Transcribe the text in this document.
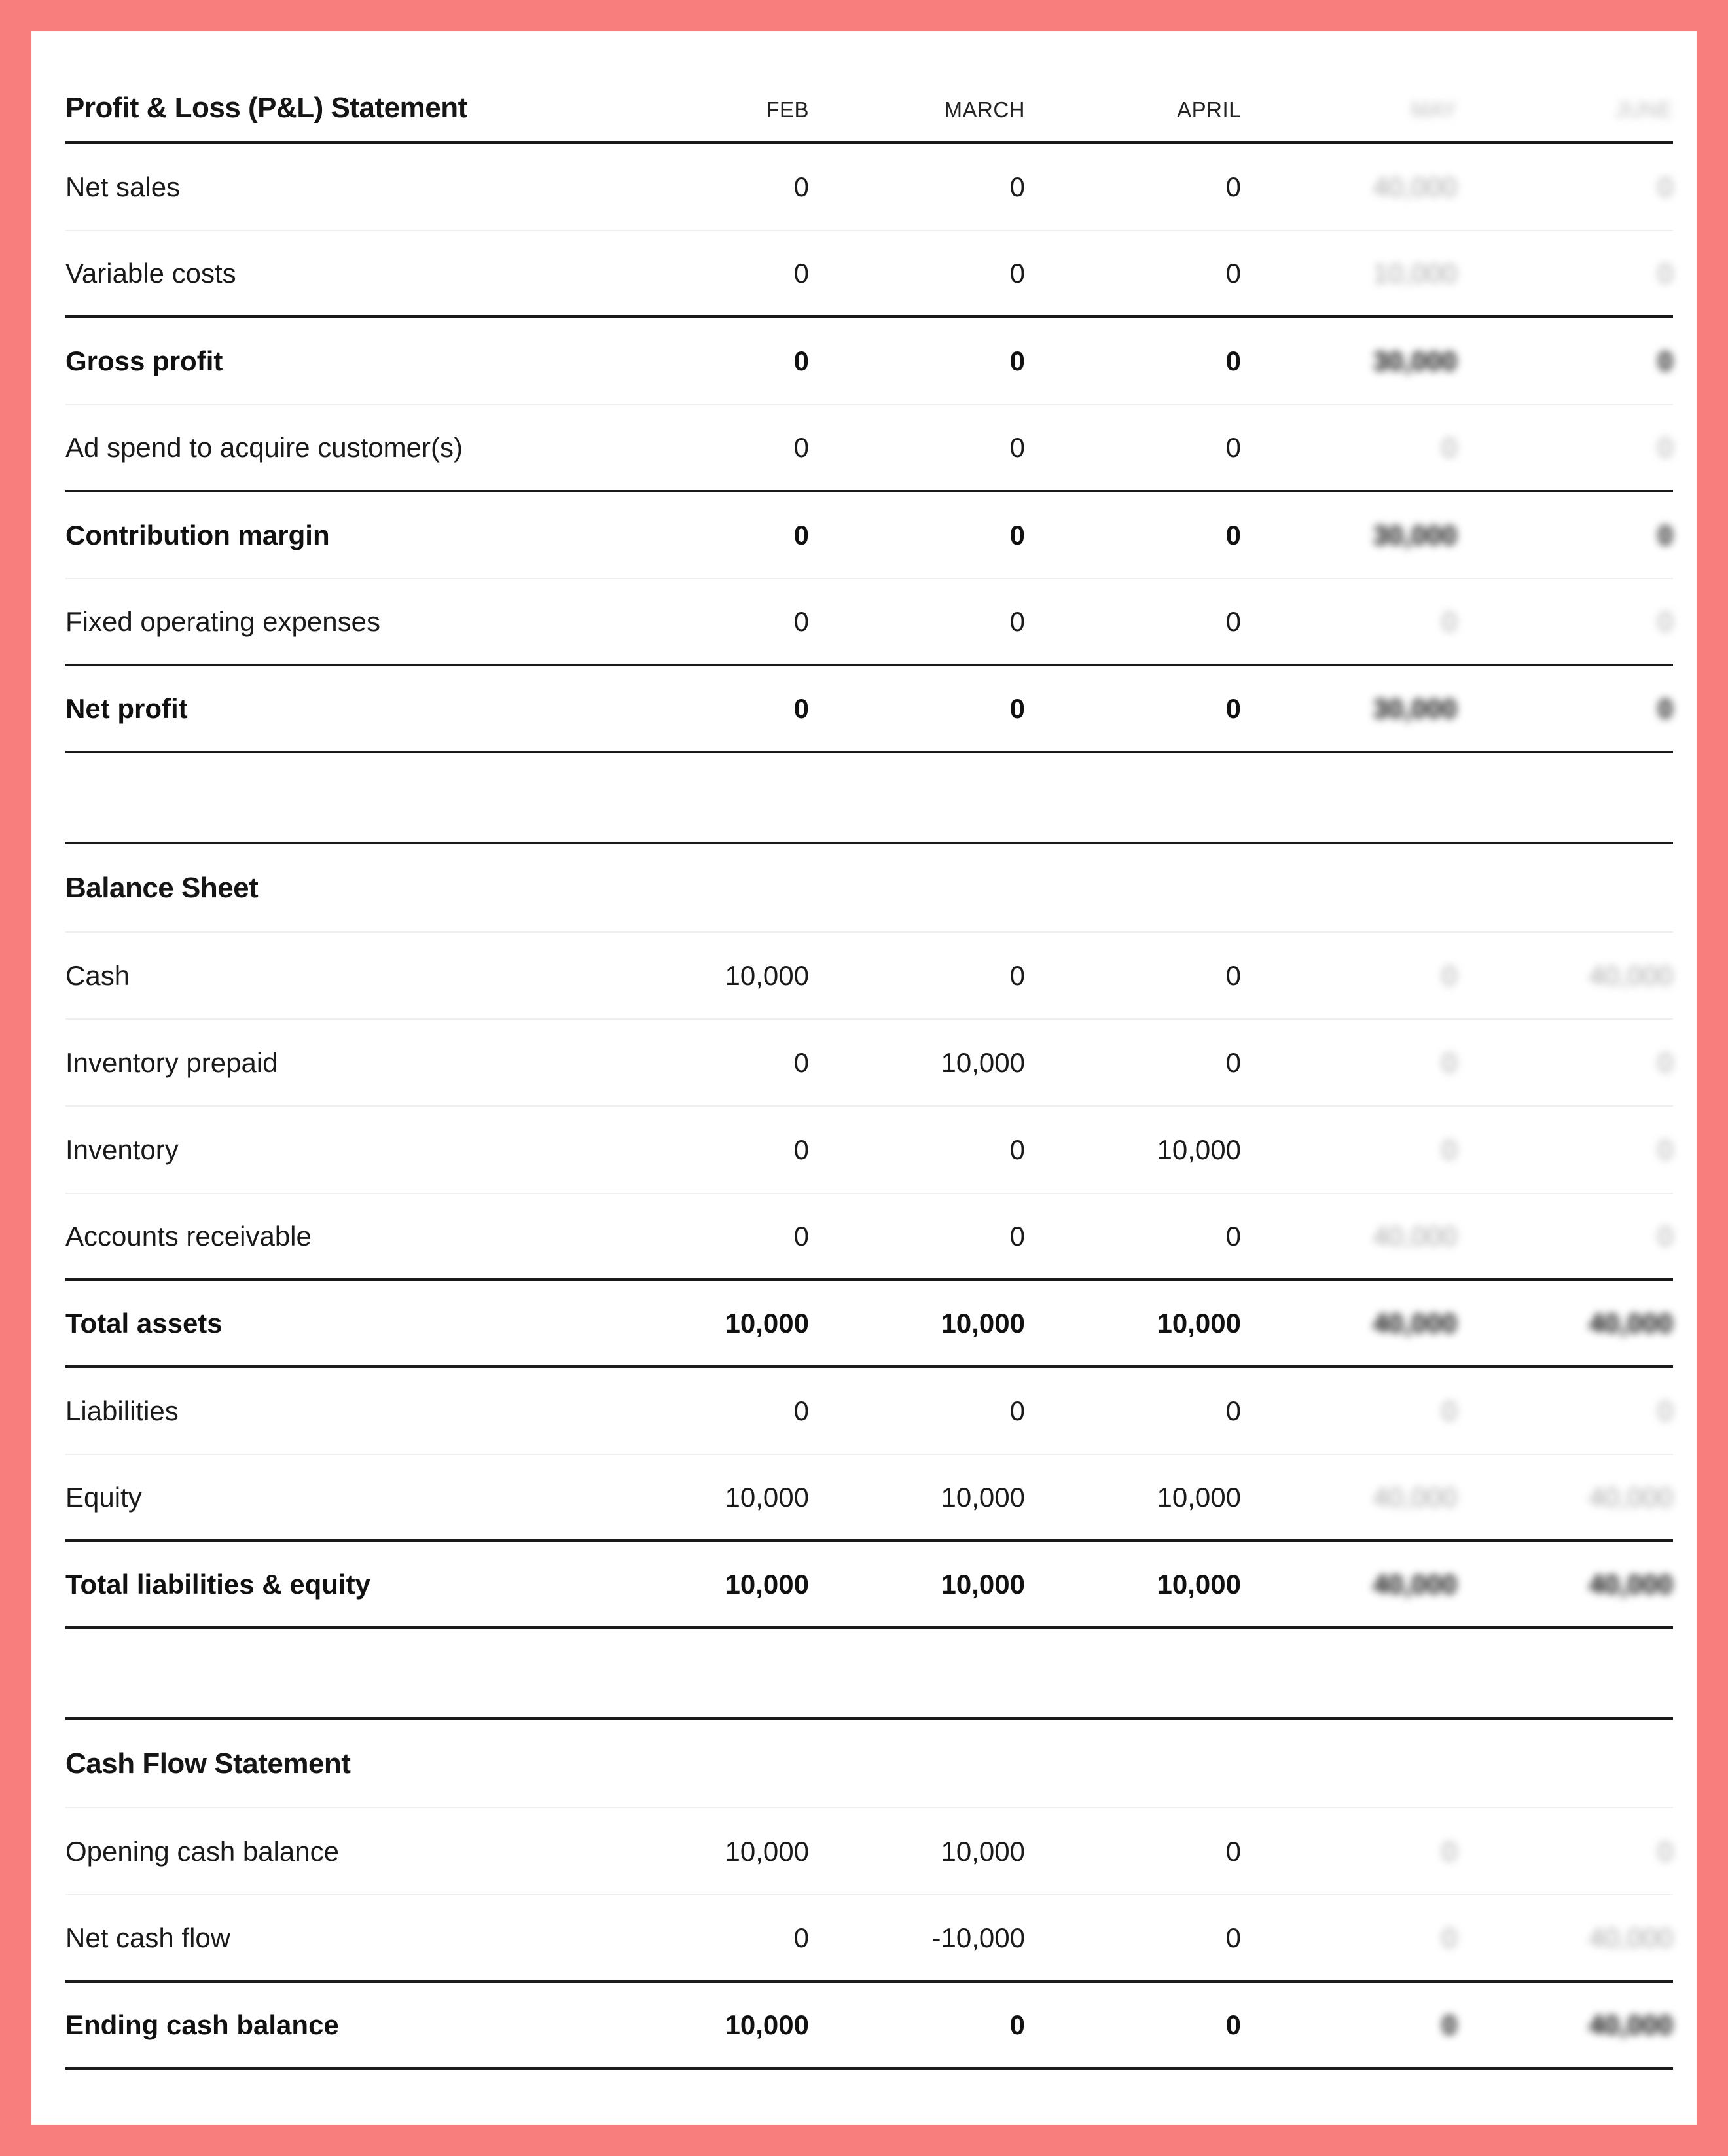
Profit & Loss (P&L) Statement	FEB	MARCH	APRIL	MAY	JUNE
Net sales	0	0	0	40,000	0
Variable costs	0	0	0	10,000	0
Gross profit	0	0	0	30,000	0
Ad spend to acquire customer(s)	0	0	0	0	0
Contribution margin	0	0	0	30,000	0
Fixed operating expenses	0	0	0	0	0
Net profit	0	0	0	30,000	0
Balance Sheet
Cash	10,000	0	0	0	40,000
Inventory prepaid	0	10,000	0	0	0
Inventory	0	0	10,000	0	0
Accounts receivable	0	0	0	40,000	0
Total assets	10,000	10,000	10,000	40,000	40,000
Liabilities	0	0	0	0	0
Equity	10,000	10,000	10,000	40,000	40,000
Total liabilities & equity	10,000	10,000	10,000	40,000	40,000
Cash Flow Statement
Opening cash balance	10,000	10,000	0	0	0
Net cash flow	0	-10,000	0	0	40,000
Ending cash balance	10,000	0	0	0	40,000
